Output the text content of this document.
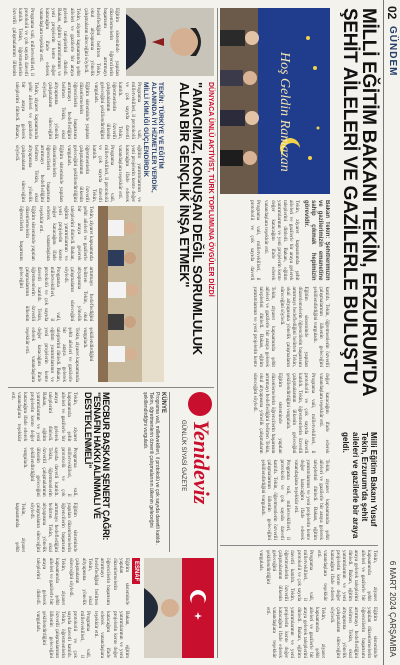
02
GÜNDEM
6 MART 2024 ÇARŞAMBA
MİLLİ EĞİTİM BAKANI TEKİN, ERZURUM'DA ŞEHİT AİLELERİ VE GAZİLERLE BULUŞTU
Milli Eğitim Bakanı Yusuf Tekin, Erzurum'da şehit aileleri ve gazilerle bir araya geldi.
Hoş Geldin Ramazan

Bakan Tekin: Şehitlerimizin ve gazilerimizin emanetine sahip çıkmak hepimizin görevidir.

Tekin, ziyaret kapsamında şehit aileleri ve gazilerle bir araya gelerek taleplerini dinledi. Bakan, eğitim yatırımlarının ve yeni projelerin kente değer katacağını ifade ederek vatandaşlara teşekkür etti.

Programa vali, milletvekilleri, il protokolü ve çok sayıda davetli katıldı. Tekin, öğretmenlerin özverili çalışmalarının ülkenin geleceğini şekillendirdiğini vurguladı.

Eğitim sisteminde yapılan düzenlemelerin öğrencilerin başarısını artırmayı hedeflediğini belirten Tekin, okul altyapısına yönelik çalışmaların süreceğini söyledi.

Tekin, ziyaret kapsamında şehit aileleri ve gazilerle bir araya gelerek taleplerini dinledi. Bakan, eğitim yatırımlarının ve yeni projelerin kente değer katacağını ifade ederek vatandaşlara teşekkür etti.

Programa vali, milletvekilleri, il protokolü ve çok sayıda davetli katıldı. Tekin, öğretmenlerin özverili çalışmalarının ülkenin geleceğini şekillendirdiğini vurguladı.

Eğitim sisteminde yapılan düzenlemelerin öğrencilerin başarısını artırmayı hedeflediğini belirten Tekin, okul altyapısına yönelik çalışmaların süreceğini söyledi.

Tekin, ziyaret kapsamında şehit aileleri ve gazilerle bir araya gelerek taleplerini dinledi. Bakan, eğitim yatırımlarının ve yeni projelerin kente değer katacağını ifade ederek vatandaşlara teşekkür etti.

Programa vali, milletvekilleri, il protokolü ve çok sayıda davetli katıldı. Tekin, öğretmenlerin özverili çalışmalarının ülkenin geleceğini şekillendirdiğini vurguladı.

DÜNYACA ÜNLÜ AKTİVİST, TÜRK TOPLUMUNA ÖVGÜLER DİZDİ
"AMACIMIZ, KONUŞAN DEĞİL SORUMLULUK ALAN BİR GENÇLİK İNŞA ETMEK"
TEKİN: TÜRKİYE VE EĞİTİM ALANINDA İYİ HİZMETLER VERDİK, MİLLİ KİMLİĞİ GÜÇLENDİRDİK

Programa vali, milletvekilleri, il protokolü ve çok sayıda davetli katıldı. Tekin, öğretmenlerin özverili çalışmalarının ülkenin geleceğini şekillendirdiğini vurguladı.

Eğitim sisteminde yapılan düzenlemelerin öğrencilerin başarısını artırmayı hedeflediğini belirten Tekin, okul altyapısına yönelik çalışmaların süreceğini söyledi.

Tekin, ziyaret kapsamında şehit aileleri ve gazilerle bir araya gelerek taleplerini dinledi. Bakan, eğitim yatırımlarının ve yeni projelerin kente değer katacağını ifade ederek vatandaşlara teşekkür etti.

Programa vali, milletvekilleri, il protokolü ve çok sayıda davetli katıldı. Tekin, öğretmenlerin özverili çalışmalarının ülkenin geleceğini şekillendirdiğini vurguladı.

Eğitim sisteminde yapılan düzenlemelerin öğrencilerin başarısını artırmayı hedeflediğini belirten Tekin, okul altyapısına yönelik çalışmaların süreceğini söyledi.

Tekin, ziyaret kapsamında şehit aileleri ve gazilerle bir araya gelerek taleplerini dinledi. Bakan, eğitim yatırımlarının ve yeni projelerin kente değer katacağını ifade ederek vatandaşlara teşekkür etti.

Eğitim sisteminde yapılan düzenlemelerin öğrencilerin başarısını artırmayı hedeflediğini belirten Tekin, okul altyapısına yönelik çalışmaların süreceğini söyledi.

Programa vali, milletvekilleri, il protokolü ve çok sayıda davetli katıldı. Tekin, öğretmenlerin özverili çalışmalarının ülkenin geleceğini şekillendirdiğini vurguladı.

Tekin, ziyaret kapsamında şehit aileleri ve gazilerle bir araya gelerek taleplerini dinledi. Bakan, eğitim yatırımlarının ve yeni projelerin kente değer katacağını ifade ederek vatandaşlara teşekkür etti.

Eğitim sisteminde yapılan düzenlemelerin öğrencilerin başarısını artırmayı hedeflediğini belirten Tekin, okul altyapısına yönelik çalışmaların süreceğini söyledi.

Tekin, ziyaret kapsamında şehit aileleri ve gazilerle bir araya gelerek taleplerini dinledi. Bakan, eğitim yatırımlarının ve yeni projelerin kente değer katacağını ifade ederek vatandaşlara teşekkür etti.

Programa vali, milletvekilleri, il protokolü ve çok sayıda davetli katıldı. Tekin, öğretmenlerin özverili çalışmalarının ülkenin

Yenideviz
GÜNLÜK SİYASİ GAZETE
KÜNYE
Programa vali, milletvekilleri, il protokolü ve çok sayıda davetli katıldı. Tekin, öğretmenlerin özverili çalışmalarının ülkenin geleceğini şekillendirdiğini vurguladı.
MECBUR BAŞKANI ŞENERT ÇAĞRI: "ESNAFIN HAKKI ALINMALI VE DESTEKLENMELİ"

Tekin, ziyaret kapsamında şehit aileleri ve gazilerle bir araya gelerek taleplerini dinledi. Bakan, eğitim yatırımlarının ve yeni projelerin kente değer katacağını ifade ederek vatandaşlara teşekkür etti.

Programa vali, milletvekilleri, il protokolü ve çok sayıda davetli katıldı. Tekin, öğretmenlerin özverili çalışmalarının ülkenin geleceğini şekillendirdiğini vurguladı.

Eğitim sisteminde yapılan düzenlemelerin öğrencilerin başarısını artırmayı hedeflediğini belirten Tekin, okul altyapısına yönelik çalışmaların süreceğini söyledi.

Tekin, ziyaret kapsamında şehit

ESNAF

Eğitim sisteminde yapılan düzenlemelerin öğrencilerin başarısını artırmayı hedeflediğini belirten Tekin, okul altyapısına yönelik çalışmaların süreceğini söyledi.

Tekin, ziyaret kapsamında şehit aileleri ve gazilerle bir araya gelerek taleplerini dinledi. Bakan, eğitim yatırımlarının ve yeni projelerin kente değer katacağını ifade ederek vatandaşlara teşekkür etti.

Programa vali, milletvekilleri, il protokolü ve çok sayıda davetli katıldı. Tekin, öğretmenlerin özverili çalışmalarının ülkenin geleceğini şekillendirdiğini vurguladı.

Tekin, ziyaret kapsamında şehit aileleri ve gazilerle bir araya gelerek taleplerini dinledi. Bakan, eğitim yatırımlarının ve yeni projelerin kente değer katacağını ifade ederek vatandaşlara teşekkür etti.

Programa vali, milletvekilleri, il protokolü ve çok sayıda davetli katıldı. Tekin, öğretmenlerin özverili çalışmalarının ülkenin geleceğini şekillendirdiğini vurguladı.

Eğitim sisteminde yapılan düzenlemelerin öğrencilerin başarısını artırmayı hedeflediğini belirten Tekin, okul altyapısına yönelik çalışmaların süreceğini söyledi.

Tekin, ziyaret kapsamında şehit aileleri ve gazilerle bir araya gelerek taleplerini dinledi. Bakan, eğitim yatırımlarının ve yeni projelerin kente değer katacağını ifade ederek vatandaşlara teşekkür etti.
